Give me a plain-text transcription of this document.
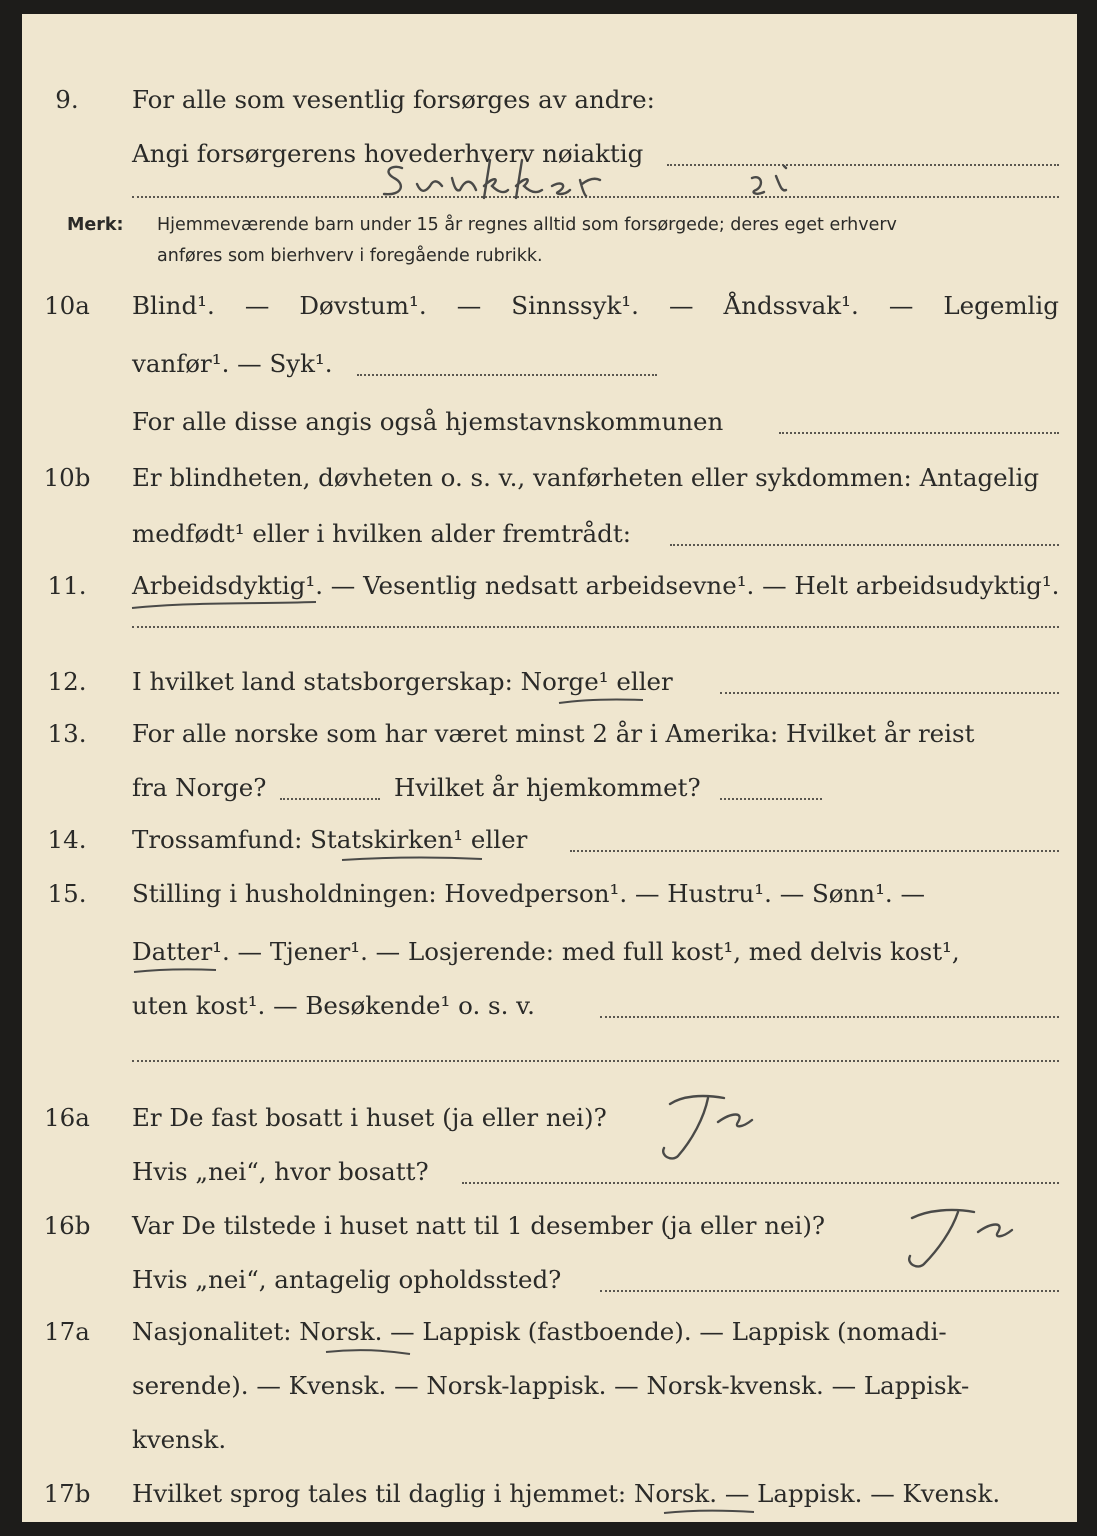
9.	For alle som vesentlig forsørges av andre:
Angi forsørgerens hovederhverv nøiaktig
Merk: Hjemmeværende barn under 15 år regnes alltid som forsørgede; deres eget erhverv
anføres som bierhverv i foregående rubrikk.
10a	Blind¹. — Døvstum¹. — Sinnssyk¹. — Åndssvak¹. — Legemlig
vanfør¹. — Syk¹.
For alle disse angis også hjemstavnskommunen
10b	Er blindheten, døvheten o. s. v., vanførheten eller sykdommen: Antagelig
medfødt¹ eller i hvilken alder fremtrådt:
11.	Arbeidsdyktig¹. — Vesentlig nedsatt arbeidsevne¹. — Helt arbeidsudyktig¹.
12.	I hvilket land statsborgerskap: Norge¹ eller
13.	For alle norske som har været minst 2 år i Amerika: Hvilket år reist
fra Norge?	Hvilket år hjemkommet?
14.	Trossamfund: Statskirken¹ eller
15.	Stilling i husholdningen: Hovedperson¹. — Hustru¹. — Sønn¹. —
Datter¹. — Tjener¹. — Losjerende: med full kost¹, med delvis kost¹,
uten kost¹. — Besøkende¹ o. s. v.
16a	Er De fast bosatt i huset (ja eller nei)?
Hvis „nei“, hvor bosatt?
16b	Var De tilstede i huset natt til 1 desember (ja eller nei)?
Hvis „nei“, antagelig opholdssted?
17a	Nasjonalitet: Norsk. — Lappisk (fastboende). — Lappisk (nomadi-
serende). — Kvensk. — Norsk-lappisk. — Norsk-kvensk. — Lappisk-
kvensk.
17b	Hvilket sprog tales til daglig i hjemmet: Norsk. — Lappisk. — Kvensk.
